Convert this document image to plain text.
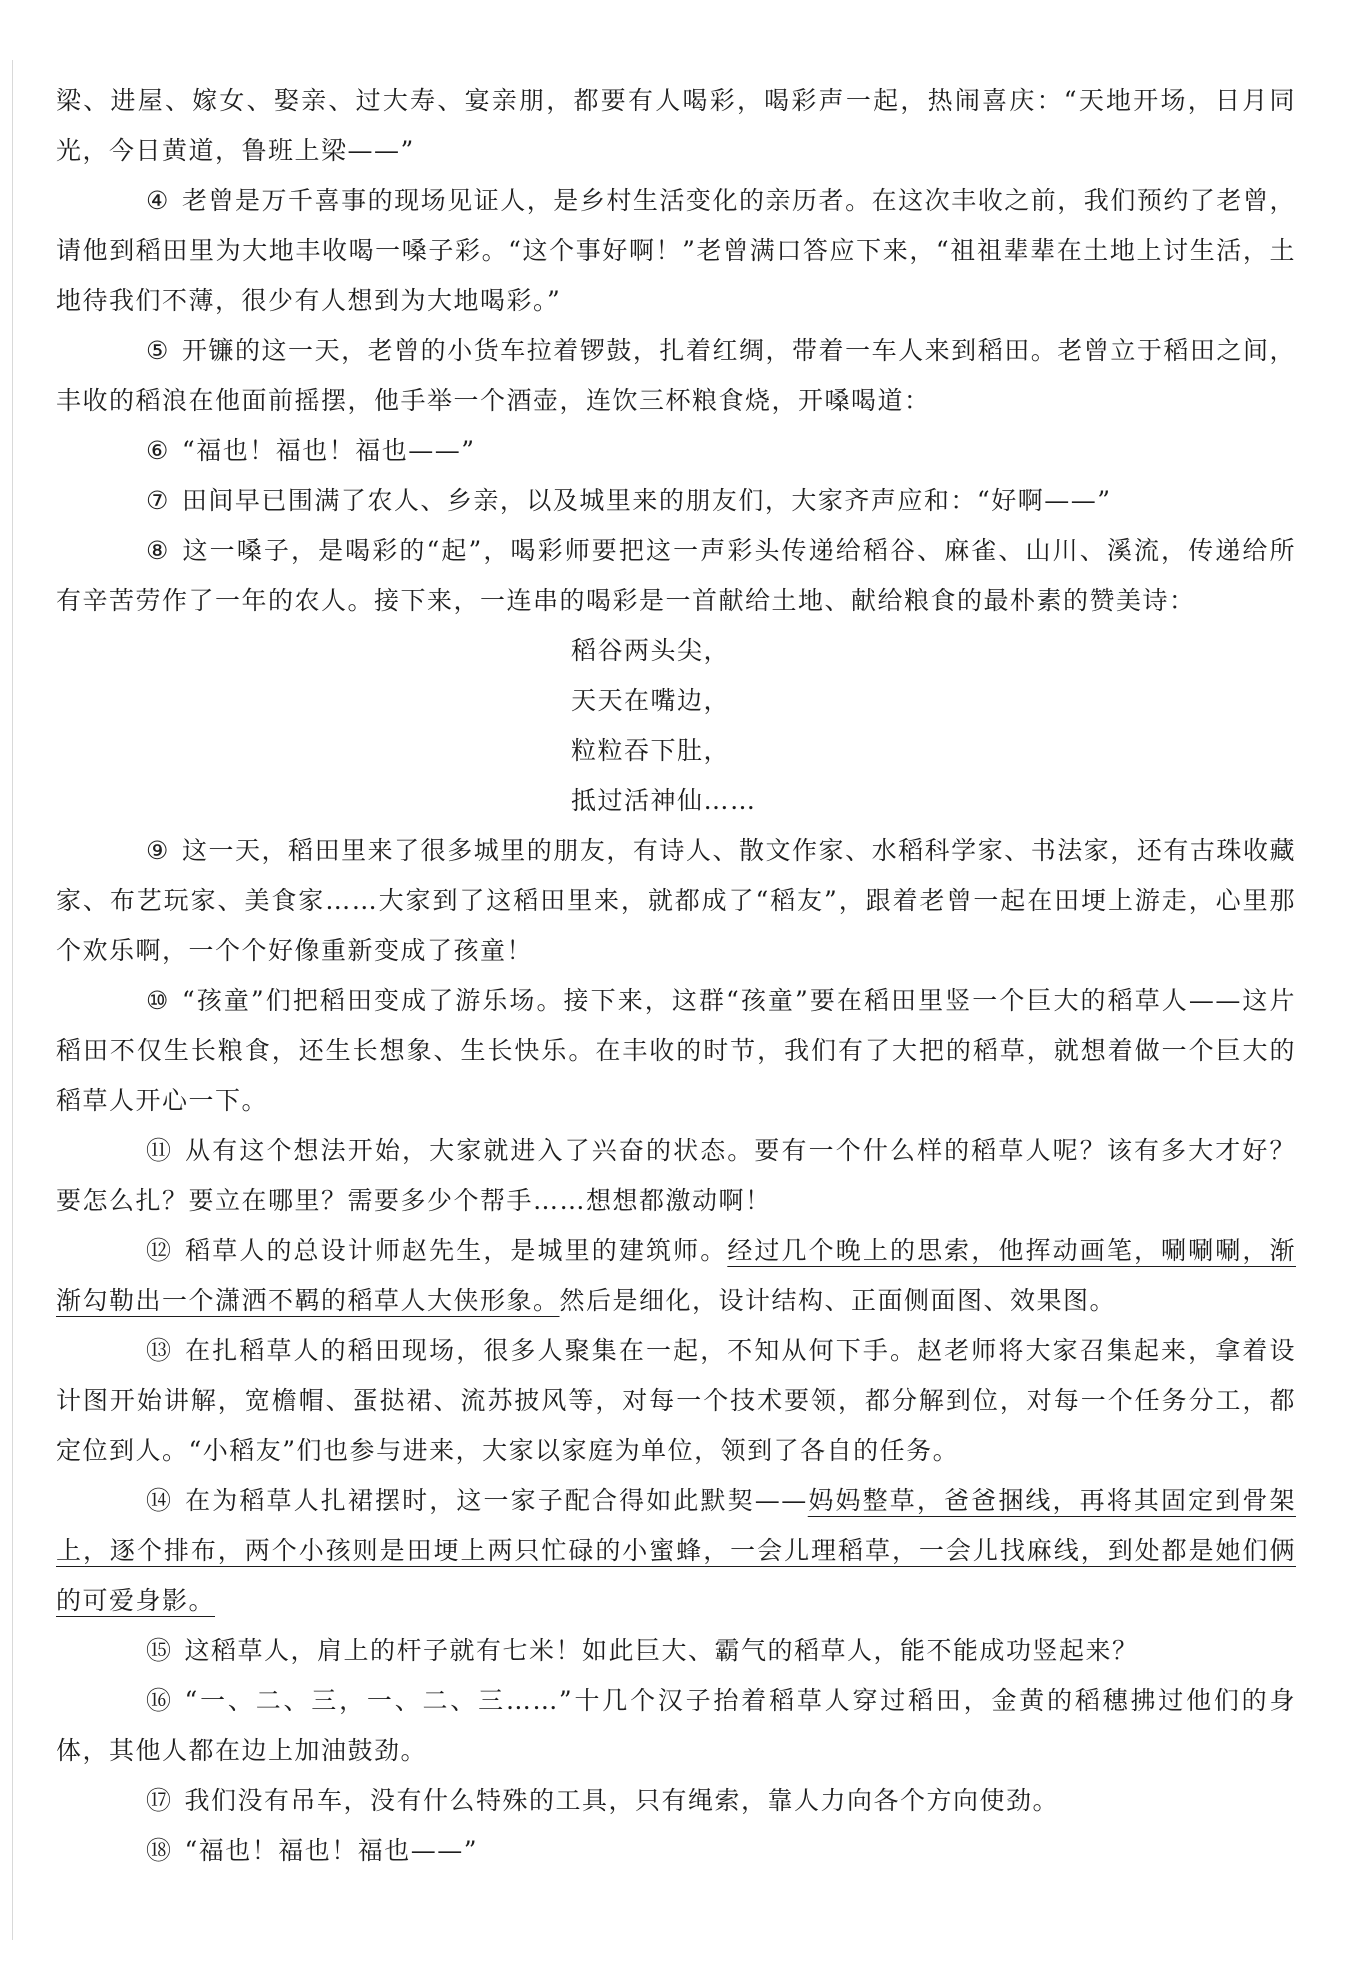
梁、进屋、嫁女、娶亲、过大寿、宴亲朋，都要有人喝彩，喝彩声一起，热闹喜庆：“天地开场，日月同光，今日黄道，鲁班上梁——”

④ 老曾是万千喜事的现场见证人，是乡村生活变化的亲历者。在这次丰收之前，我们预约了老曾，请他到稻田里为大地丰收喝一嗓子彩。“这个事好啊！”老曾满口答应下来，“祖祖辈辈在土地上讨生活，土地待我们不薄，很少有人想到为大地喝彩。”

⑤ 开镰的这一天，老曾的小货车拉着锣鼓，扎着红绸，带着一车人来到稻田。老曾立于稻田之间，丰收的稻浪在他面前摇摆，他手举一个酒壶，连饮三杯粮食烧，开嗓喝道：

⑥ “福也！福也！福也——”

⑦ 田间早已围满了农人、乡亲，以及城里来的朋友们，大家齐声应和：“好啊——”

⑧ 这一嗓子，是喝彩的“起”，喝彩师要把这一声彩头传递给稻谷、麻雀、山川、溪流，传递给所有辛苦劳作了一年的农人。接下来，一连串的喝彩是一首献给土地、献给粮食的最朴素的赞美诗：

稻谷两头尖，
天天在嘴边，
粒粒吞下肚，
抵过活神仙……

⑨ 这一天，稻田里来了很多城里的朋友，有诗人、散文作家、水稻科学家、书法家，还有古珠收藏家、布艺玩家、美食家……大家到了这稻田里来，就都成了“稻友”，跟着老曾一起在田埂上游走，心里那个欢乐啊，一个个好像重新变成了孩童！

⑩ “孩童”们把稻田变成了游乐场。接下来，这群“孩童”要在稻田里竖一个巨大的稻草人——这片稻田不仅生长粮食，还生长想象、生长快乐。在丰收的时节，我们有了大把的稻草，就想着做一个巨大的稻草人开心一下。

⑪ 从有这个想法开始，大家就进入了兴奋的状态。要有一个什么样的稻草人呢？该有多大才好？要怎么扎？要立在哪里？需要多少个帮手……想想都激动啊！

⑫ 稻草人的总设计师赵先生，是城里的建筑师。经过几个晚上的思索，他挥动画笔，唰唰唰，渐渐勾勒出一个潇洒不羁的稻草人大侠形象。然后是细化，设计结构、正面侧面图、效果图。

⑬ 在扎稻草人的稻田现场，很多人聚集在一起，不知从何下手。赵老师将大家召集起来，拿着设计图开始讲解，宽檐帽、蛋挞裙、流苏披风等，对每一个技术要领，都分解到位，对每一个任务分工，都定位到人。“小稻友”们也参与进来，大家以家庭为单位，领到了各自的任务。

⑭ 在为稻草人扎裙摆时，这一家子配合得如此默契——妈妈整草，爸爸捆线，再将其固定到骨架上，逐个排布，两个小孩则是田埂上两只忙碌的小蜜蜂，一会儿理稻草，一会儿找麻线，到处都是她们俩的可爱身影。

⑮ 这稻草人，肩上的杆子就有七米！如此巨大、霸气的稻草人，能不能成功竖起来？

⑯ “一、二、三，一、二、三……”十几个汉子抬着稻草人穿过稻田，金黄的稻穗拂过他们的身体，其他人都在边上加油鼓劲。

⑰ 我们没有吊车，没有什么特殊的工具，只有绳索，靠人力向各个方向使劲。

⑱ “福也！福也！福也——”
